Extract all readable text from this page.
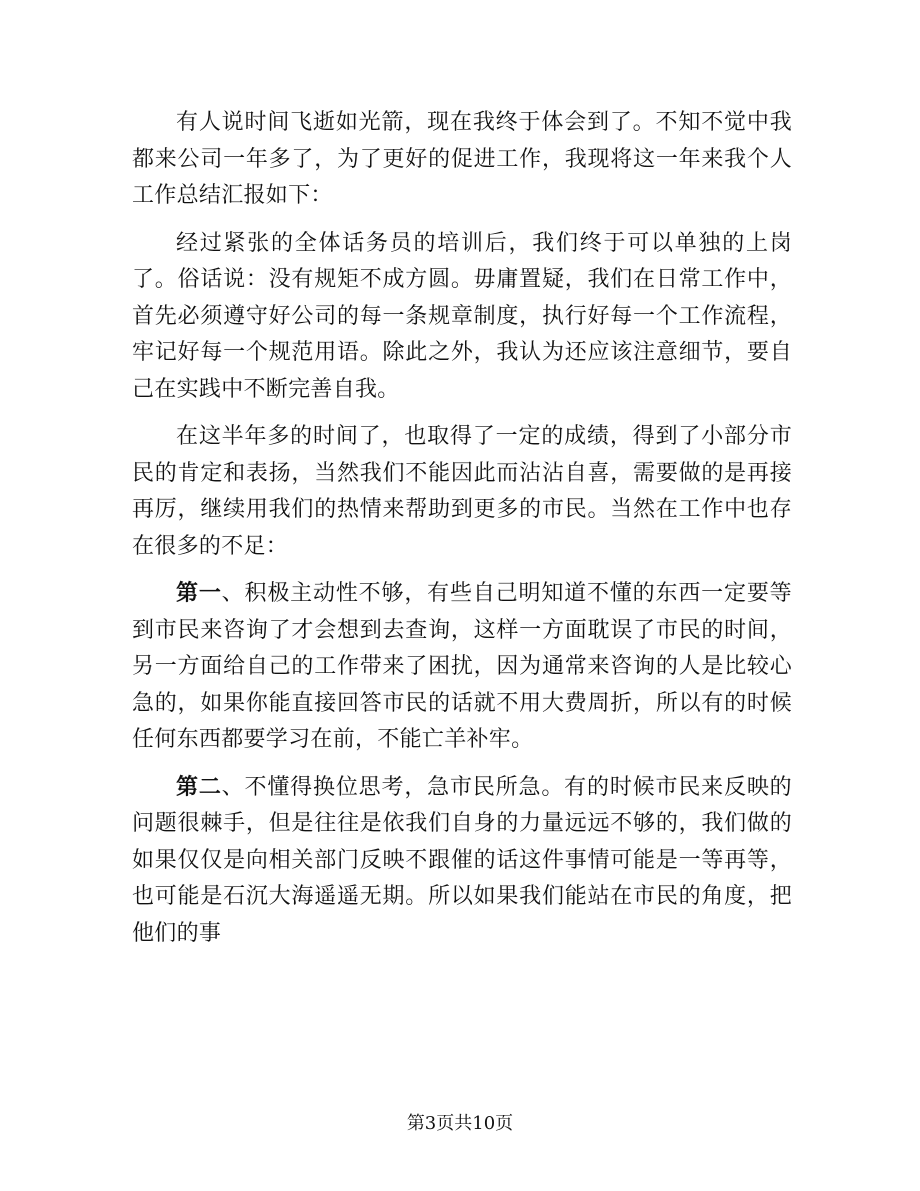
有人说时间飞逝如光箭，现在我终于体会到了。不知不觉中我都来公司一年多了，为了更好的促进工作，我现将这一年来我个人工作总结汇报如下：

经过紧张的全体话务员的培训后，我们终于可以单独的上岗了。俗话说：没有规矩不成方圆。毋庸置疑，我们在日常工作中，首先必须遵守好公司的每一条规章制度，执行好每一个工作流程，牢记好每一个规范用语。除此之外，我认为还应该注意细节，要自己在实践中不断完善自我。

在这半年多的时间了，也取得了一定的成绩，得到了小部分市民的肯定和表扬，当然我们不能因此而沾沾自喜，需要做的是再接再厉，继续用我们的热情来帮助到更多的市民。当然在工作中也存在很多的不足：

第一、积极主动性不够，有些自己明知道不懂的东西一定要等到市民来咨询了才会想到去查询，这样一方面耽误了市民的时间，另一方面给自己的工作带来了困扰，因为通常来咨询的人是比较心急的，如果你能直接回答市民的话就不用大费周折，所以有的时候任何东西都要学习在前，不能亡羊补牢。

第二、不懂得换位思考，急市民所急。有的时候市民来反映的问题很棘手，但是往往是依我们自身的力量远远不够的，我们做的如果仅仅是向相关部门反映不跟催的话这件事情可能是一等再等，也可能是石沉大海遥遥无期。所以如果我们能站在市民的角度，把他们的事

第3页共10页
